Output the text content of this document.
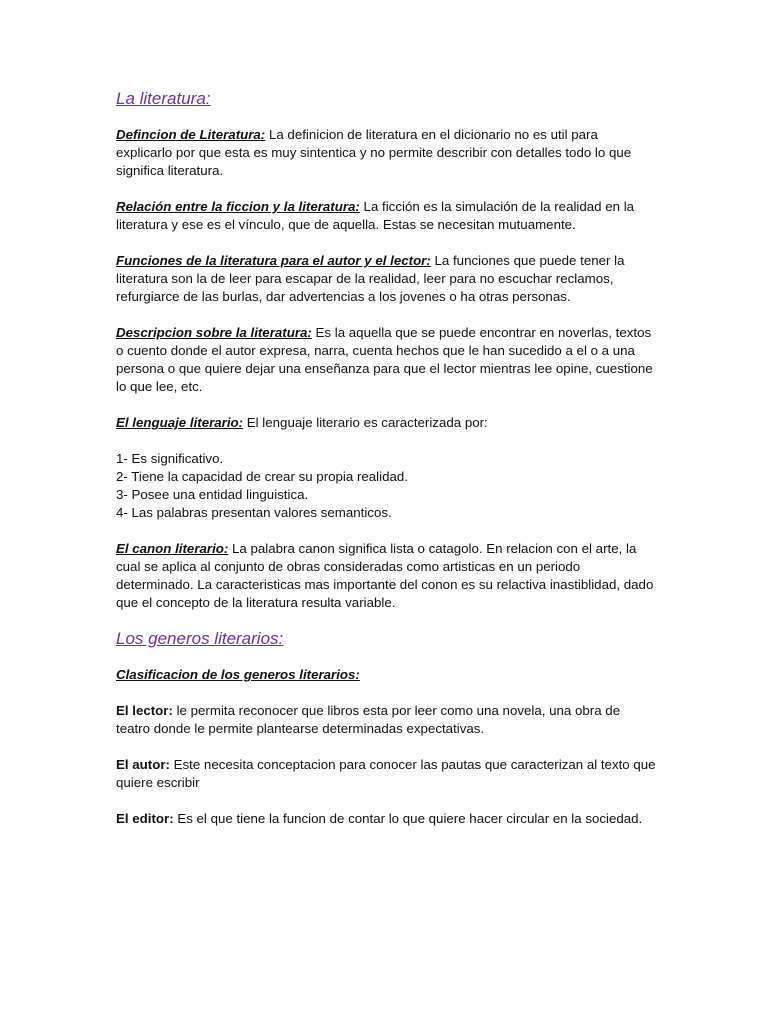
La literatura:

Defincion de Literatura: La definicion de literatura en el dicionario no es util para explicarlo por que esta es muy sintentica y no permite describir con detalles todo lo que significa literatura.

Relación entre la ficcion y la literatura: La ficción es la simulación de la realidad en la literatura y ese es el vínculo, que de aquella. Estas se necesitan mutuamente.

Funciones de la literatura para el autor y el lector: La funciones que puede tener la literatura son la de leer para escapar de la realidad, leer para no escuchar reclamos, refurgiarce de las burlas, dar advertencias a los jovenes o ha otras personas.

Descripcion sobre la literatura: Es la aquella que se puede encontrar en noverlas, textos o cuento donde el autor expresa, narra, cuenta hechos que le han sucedido a el o a una persona o que quiere dejar una enseñanza para que el lector mientras lee opine, cuestione lo que lee, etc.

El lenguaje literario: El lenguaje literario es caracterizada por:

1- Es significativo.
2- Tiene la capacidad de crear su propia realidad.
3- Posee una entidad linguistica.
4- Las palabras presentan valores semanticos.

El canon literario: La palabra canon significa lista o catagolo. En relacion con el arte, la cual se aplica al conjunto de obras consideradas como artisticas en un periodo determinado. La caracteristicas mas importante del conon es su relactiva inastiblidad, dado que el concepto de la literatura resulta variable.

Los generos literarios:

Clasificacion de los generos literarios:

El lector: le permita reconocer que libros esta por leer como una novela, una obra de teatro donde le permite plantearse determinadas expectativas.

El autor: Este necesita conceptacion para conocer las pautas que caracterizan al texto que quiere escribir

El editor: Es el que tiene la funcion de contar lo que quiere hacer circular en la sociedad.
